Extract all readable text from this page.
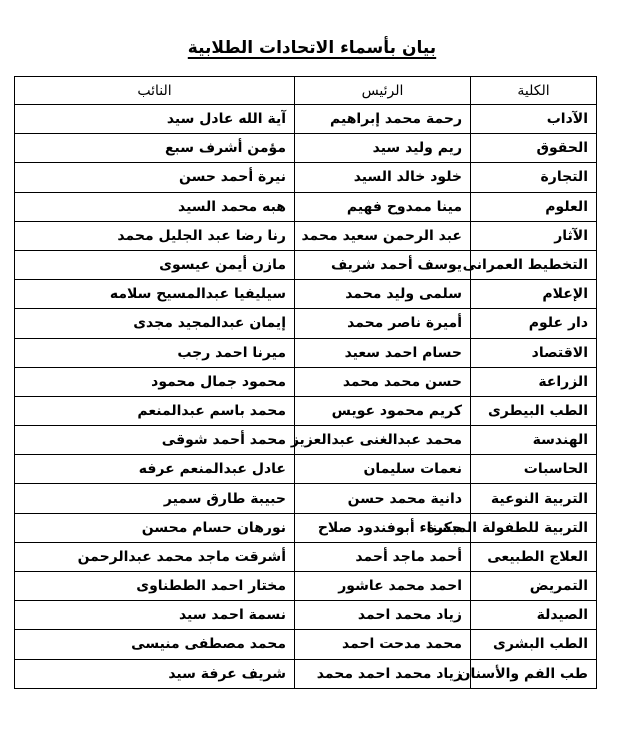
بيان بأسماء الاتحادات الطلابية
الكلية	الرئيس	النائب
الآداب	رحمة محمد إبراهيم	آية الله عادل سيد
الحقوق	ريم وليد سيد	مؤمن أشرف سبع
التجارة	خلود خالد السيد	نيرة أحمد حسن
العلوم	مينا ممدوح فهيم	هبه محمد السيد
الآثار	عبد الرحمن سعيد محمد	رنا رضا عبد الجليل محمد
التخطيط العمرانى	يوسف أحمد شريف	مازن أيمن عيسوى
الإعلام	سلمى وليد محمد	سيليفيا عبدالمسيح سلامه
دار علوم	أميرة ناصر محمد	إيمان عبدالمجيد مجدى
الاقتصاد	حسام احمد سعيد	ميرنا احمد رجب
الزراعة	حسن محمد محمد	محمود جمال محمود
الطب البيطرى	كريم محمود عويس	محمد باسم عبدالمنعم
الهندسة	محمد عبدالغنى عبدالعزيز	محمد أحمد شوقى
الحاسبات	نعمات سليمان	عادل عبدالمنعم عرفه
التربية النوعية	دانية محمد حسن	حبيبة طارق سمير
التربية للطفولة المبكرة	حسناء أبوفندود صلاح	نورهان حسام محسن
العلاج الطبيعى	أحمد ماجد أحمد	أشرقت ماجد محمد عبدالرحمن
التمريض	احمد محمد عاشور	مختار احمد الططناوى
الصيدلة	زياد محمد احمد	نسمة احمد سيد
الطب البشرى	محمد مدحت احمد	محمد مصطفى منيسى
طب الفم والأسنان	زياد محمد احمد محمد	شريف عرفة سيد
